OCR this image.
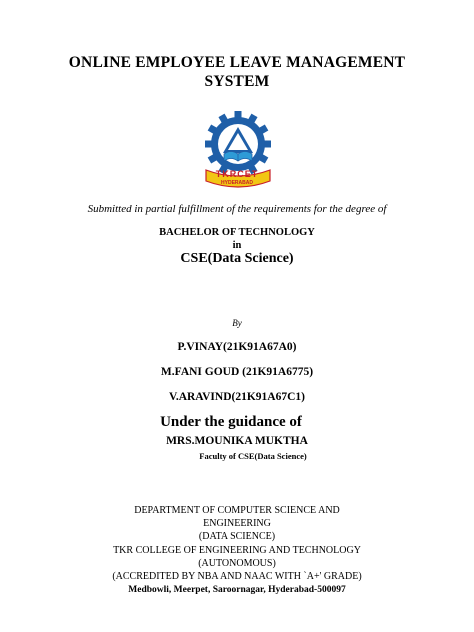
ONLINE EMPLOYEE LEAVE MANAGEMENT
SYSTEM
TKRCET
HYDERABAD
Submitted in partial fulfillment of the requirements for the degree of
BACHELOR OF TECHNOLOGY
in
CSE(Data Science)
By
P.VINAY(21K91A67A0)
M.FANI GOUD (21K91A6775)
V.ARAVIND(21K91A67C1)
Under the guidance of
MRS.MOUNIKA MUKTHA
Faculty of CSE(Data Science)
DEPARTMENT OF COMPUTER SCIENCE AND
ENGINEERING
(DATA SCIENCE)
TKR COLLEGE OF ENGINEERING AND TECHNOLOGY
(AUTONOMOUS)
(ACCREDITED BY NBA AND NAAC WITH `A+' GRADE)
Medbowli, Meerpet, Saroornagar, Hyderabad-500097
